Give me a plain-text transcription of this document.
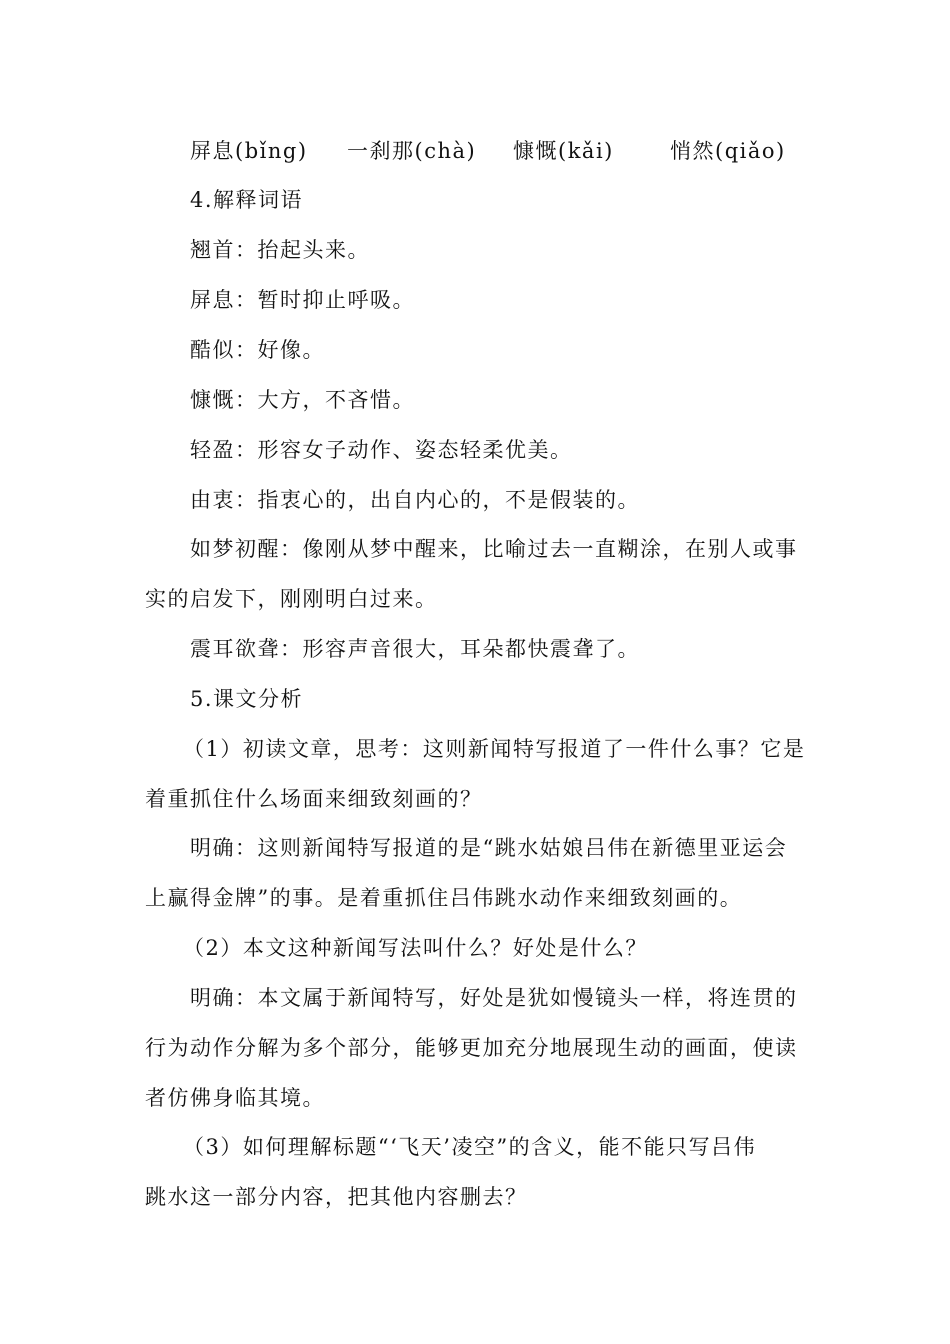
屏息(bǐng) 一刹那(chà) 慷慨(kǎi)	悄然(qiǎo)
4.解释词语
翘首：抬起头来。
屏息：暂时抑止呼吸。
酷似：好像。
慷慨：大方，不吝惜。
轻盈：形容女子动作、姿态轻柔优美。
由衷：指衷心的，出自内心的，不是假装的。
如梦初醒：像刚从梦中醒来，比喻过去一直糊涂，在别人或事
实的启发下，刚刚明白过来。
震耳欲聋：形容声音很大，耳朵都快震聋了。
5.课文分析
（1）初读文章，思考：这则新闻特写报道了一件什么事？它是
着重抓住什么场面来细致刻画的？
明确：这则新闻特写报道的是“跳水姑娘吕伟在新德里亚运会
上赢得金牌”的事。是着重抓住吕伟跳水动作来细致刻画的。
（2）本文这种新闻写法叫什么？好处是什么？
明确：本文属于新闻特写，好处是犹如慢镜头一样，将连贯的
行为动作分解为多个部分，能够更加充分地展现生动的画面，使读
者仿佛身临其境。
（3）如何理解标题“‘飞天’凌空”的含义，能不能只写吕伟
跳水这一部分内容，把其他内容删去？
